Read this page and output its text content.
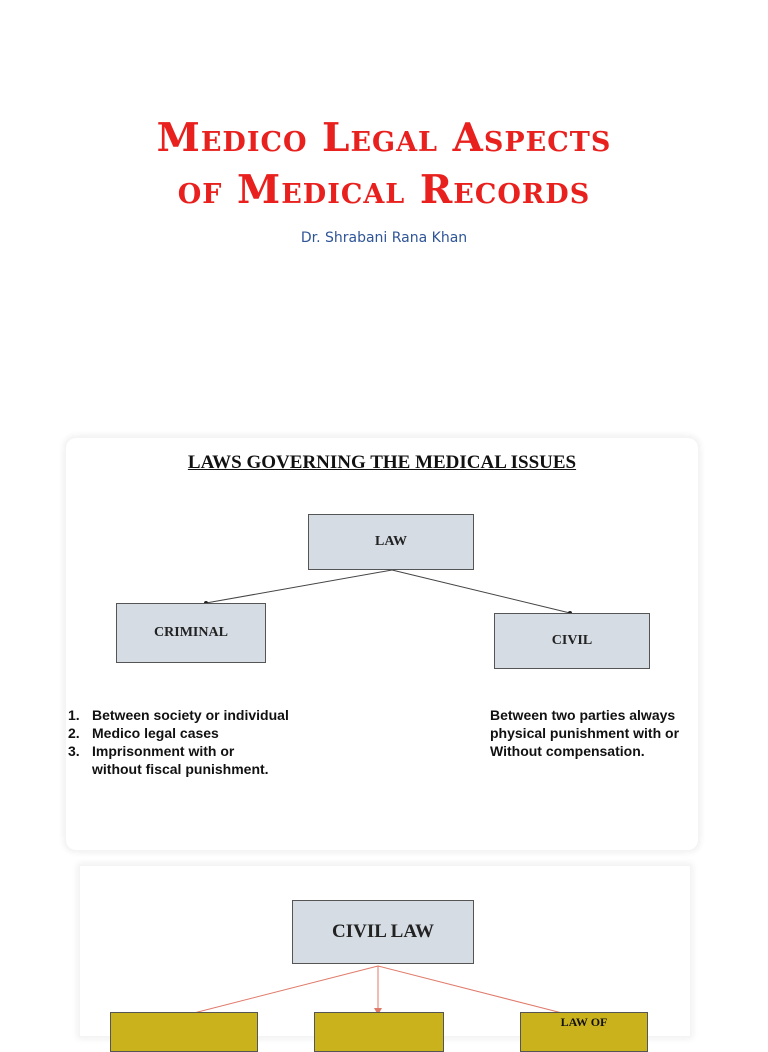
Medico Legal Aspects
of Medical Records
Dr. Shrabani Rana Khan
LAWS GOVERNING THE MEDICAL ISSUES
LAW
CRIMINAL
CIVIL
1. Between society or individual
2. Medico legal cases
3. Imprisonment with or
without fiscal punishment.
Between two parties always
physical punishment with or
Without compensation.
CIVIL LAW
LAW OF
